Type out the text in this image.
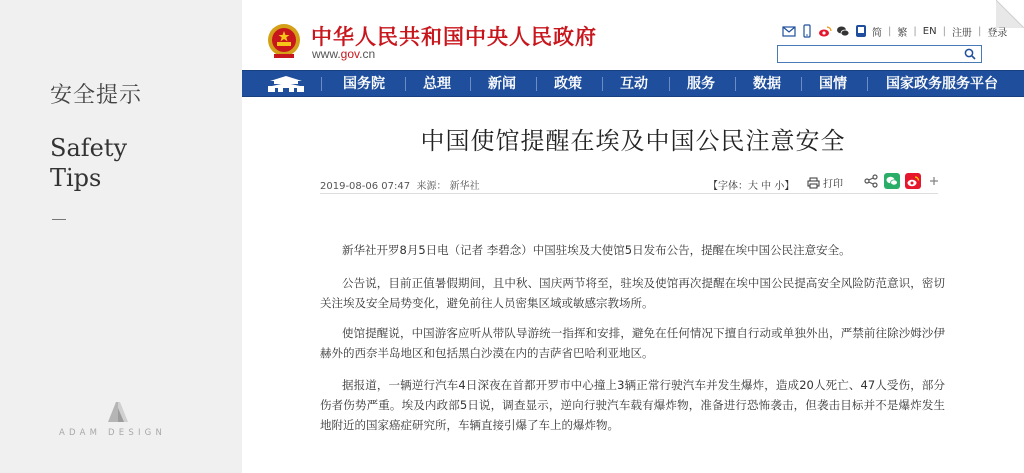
安全提示
Safety
Tips
ADAM DESIGN
中华人民共和国中央人民政府
www.gov.cn
简 | 繁 | EN | 注册 | 登录
国务院	总理	新闻	政策	互动	服务	数据	国情	国家政务服务平台
中国使馆提醒在埃及中国公民注意安全
2019-08-06 07:47 来源： 新华社	【字体：大 中 小】	打印

新华社开罗8月5日电（记者 李碧念）中国驻埃及大使馆5日发布公告，提醒在埃中国公民注意安全。

公告说，目前正值暑假期间，且中秋、国庆两节将至，驻埃及使馆再次提醒在埃中国公民提高安全风险防范意识，密切关注埃及安全局势变化，避免前往人员密集区域或敏感宗教场所。

使馆提醒说，中国游客应听从带队导游统一指挥和安排，避免在任何情况下擅自行动或单独外出，严禁前往除沙姆沙伊赫外的西奈半岛地区和包括黑白沙漠在内的吉萨省巴哈利亚地区。

据报道，一辆逆行汽车4日深夜在首都开罗市中心撞上3辆正常行驶汽车并发生爆炸，造成20人死亡、47人受伤，部分伤者伤势严重。埃及内政部5日说，调查显示，逆向行驶汽车载有爆炸物，准备进行恐怖袭击，但袭击目标并不是爆炸发生地附近的国家癌症研究所，车辆直接引爆了车上的爆炸物。
